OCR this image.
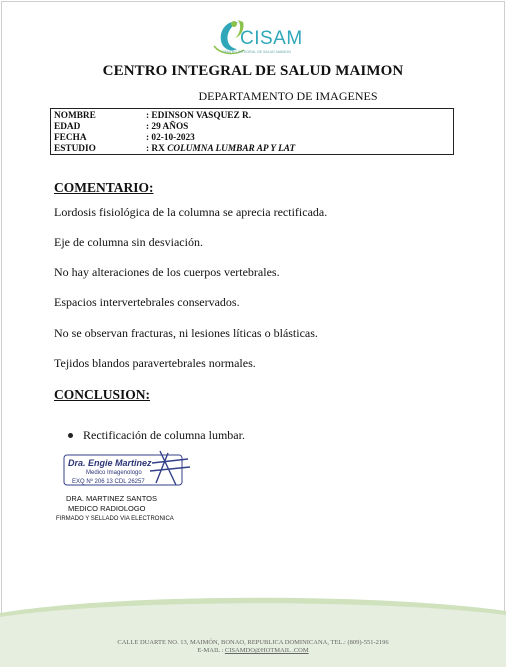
CISAM
CENTRO INTEGRAL DE SALUD MAIMON
CENTRO INTEGRAL DE SALUD MAIMON
DEPARTAMENTO DE IMAGENES
NOMBRE	: EDINSON VASQUEZ R.
EDAD	: 29 AÑOS
FECHA	: 02-10-2023
ESTUDIO	: RX COLUMNA LUMBAR AP Y LAT
COMENTARIO:
Lordosis fisiológica de la columna se aprecia rectificada.
Eje de columna sin desviación.
No hay alteraciones de los cuerpos vertebrales.
Espacios intervertebrales conservados.
No se observan fracturas, ni lesiones líticas o blásticas.
Tejidos blandos paravertebrales normales.
CONCLUSION:
Rectificación de columna lumbar.
Dra. Engie Martinez
Medico Imagenologo
EXQ Nº 206 13 CDL 26257
DRA. MARTINEZ SANTOS
MEDICO RADIOLOGO
FIRMADO Y SELLADO VIA ELECTRONICA
CALLE DUARTE NO. 13, MAIMÓN, BONAO, REPUBLICA DOMINICANA, TEL.: (809)-551-2196
E-MAIL : CISAMDO@HOTMAIL .COM
